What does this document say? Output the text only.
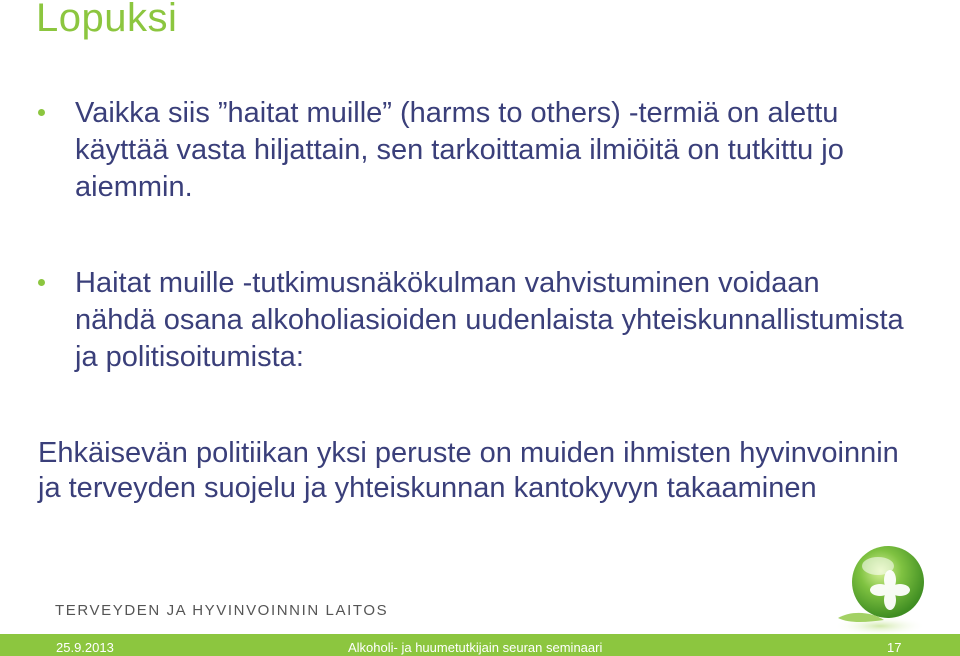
Lopuksi
Vaikka siis ”haitat muille” (harms to others) -termiä on alettu käyttää vasta hiljattain, sen tarkoittamia ilmiöitä on tutkittu jo aiemmin.
Haitat muille -tutkimusnäkökulman vahvistuminen voidaan nähdä osana alkoholiasioiden uudenlaista yhteiskunnallistumista ja politisoitumista:
Ehkäisevän politiikan yksi peruste on muiden ihmisten hyvinvoinnin ja terveyden suojelu ja yhteiskunnan kantokyvyn takaaminen
TERVEYDEN JA HYVINVOINNIN LAITOS
25.9.2013	Alkoholi- ja huumetutkijain seuran seminaari	17
